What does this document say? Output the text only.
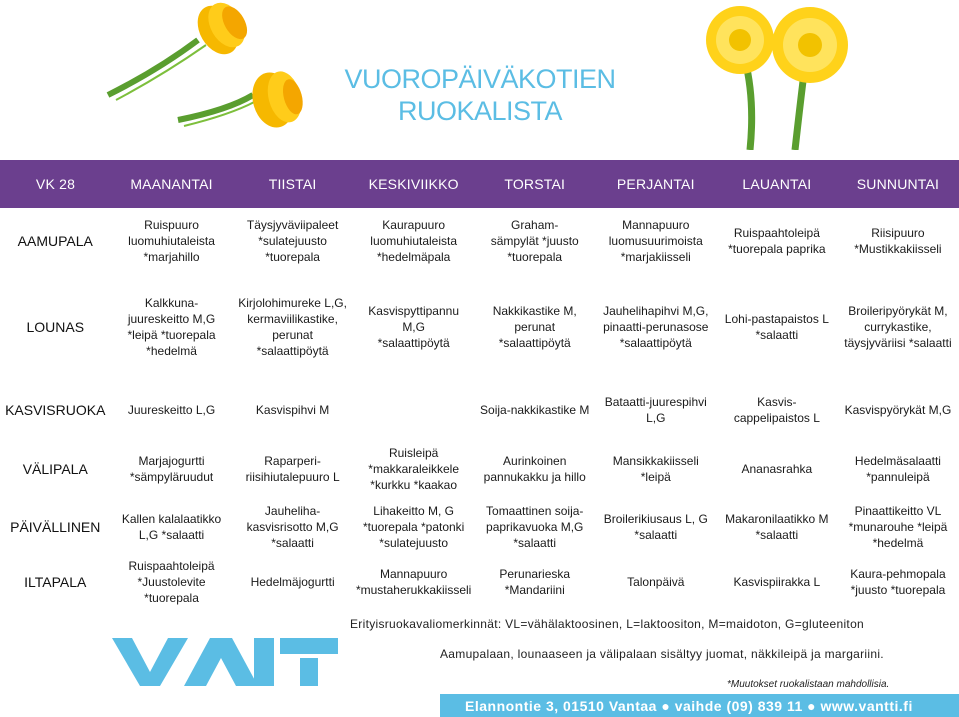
VUOROPÄIVÄKOTIEN
RUOKALISTA
VK 28	MAANANTAI	TIISTAI	KESKIVIIKKO	TORSTAI	PERJANTAI	LAUANTAI	SUNNUNTAI
AAMUPALA	Ruispuuro
luomuhiutaleista
*marjahillo	Täysjyväviipaleet
*sulatejuusto
*tuorepala	Kaurapuuro
luomuhiutaleista
*hedelmäpala	Graham-
sämpylät *juusto
*tuorepala	Mannapuuro
luomusuurimoista
*marjakiisseli	Ruispaahtoleipä
*tuorepala paprika	Riisipuuro
*Mustikkakiisseli
LOUNAS	Kalkkuna-
juureskeitto M,G
*leipä *tuorepala
*hedelmä	Kirjolohimureke L,G,
kermaviilikastike,
perunat
*salaattipöytä	Kasvispyttipannu M,G
*salaattipöytä	Nakkikastike M,
perunat
*salaattipöytä	Jauhelihapihvi M,G,
pinaatti-perunasose
*salaattipöytä	Lohi-pastapaistos L
*salaatti	Broileripyörykät M,
currykastike,
täysjyväriisi *salaatti
KASVISRUOKA	Juureskeitto L,G	Kasvispihvi M		Soija-nakkikastike M	Bataatti-juurespihvi
L,G	Kasvis-
cappelipaistos L	Kasvispyörykät M,G
VÄLIPALA	Marjajogurtti
*sämpyläruudut	Raparperi-
riisihiutalepuuro L	Ruisleipä
*makkaraleikkele
*kurkku *kaakao	Aurinkoinen
pannukakku ja hillo	Mansikkakiisseli
*leipä	Ananasrahka	Hedelmäsalaatti
*pannuleipä
PÄIVÄLLINEN	Kallen kalalaatikko
L,G *salaatti	Jauheliha-
kasvisrisotto M,G
*salaatti	Lihakeitto M, G
*tuorepala *patonki
*sulatejuusto	Tomaattinen soija-
paprikavuoka M,G
*salaatti	Broilerikiusaus L, G
*salaatti	Makaronilaatikko M
*salaatti	Pinaattikeitto VL
*munarouhe *leipä
*hedelmä
ILTAPALA	Ruispaahtoleipä
*Juustolevite
*tuorepala	Hedelmäjogurtti	Mannapuuro
*mustaherukkakiisseli	Perunarieska
*Mandariini	Talonpäivä	Kasvispiirakka L	Kaura-pehmopala
*juusto *tuorepala
Erityisruokavaliomerkinnät: VL=vähälaktoosinen, L=laktoositon, M=maidoton, G=gluteeniton
Aamupalaan, lounaaseen ja välipalaan sisältyy juomat, näkkileipä ja margariini.
*Muutokset ruokalistaan mahdollisia.
Elannontie 3, 01510 Vantaa ● vaihde (09) 839 11 ● www.vantti.fi
